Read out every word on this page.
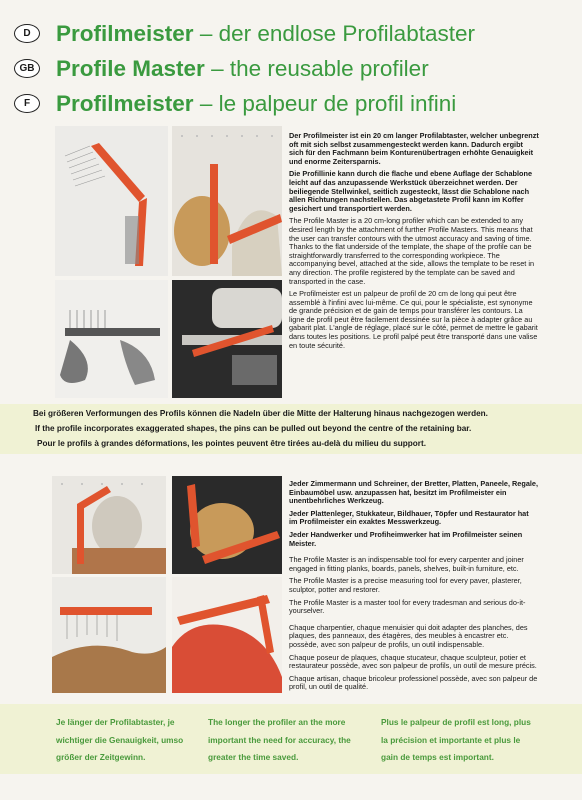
D	Profilmeister – der endlose Profilabtaster
GB Profile Master – the reusable profiler
F	Profilmeister – le palpeur de profil infini

Der Profilmeister ist ein 20 cm langer Profilabtaster, welcher unbegrenzt oft mit sich selbst zusammengesteckt werden kann. Dadurch ergibt sich für den Fachmann beim Konturenübertragen erhöhte Genauigkeit und enorme Zeitersparnis.

Die Profillinie kann durch die flache und ebene Auflage der Schablone leicht auf das anzupassende Werkstück überzeichnet werden. Der beiliegende Stellwinkel, seitlich zugesteckt, lässt die Schablone nach allen Richtungen nachstellen. Das abgetastete Profil kann im Koffer gesichert und transportiert werden.

The Profile Master is a 20 cm-long profiler which can be extended to any desired length by the attachment of further Profile Masters. This means that the user can transfer contours with the utmost accuracy and saving of time. Thanks to the flat underside of the template, the shape of the profile can be straightforwardly transferred to the corresponding workpiece. The accompanying bevel, attached at the side, allows the template to be reset in any direction. The profile registered by the template can be saved and transported in the case.

Le Profilmeister est un palpeur de profil de 20 cm de long qui peut être assemblé à l'infini avec lui-même. Ce qui, pour le spécialiste, est synonyme de grande précision et de gain de temps pour transférer les contours. La ligne de profil peut être facilement dessinée sur la pièce à adapter grâce au gabarit plat. L'angle de réglage, placé sur le côté, permet de mettre le gabarit dans toutes les positions. Le profil palpé peut être transporté dans une valise en toute sécurité.

Bei größeren Verformungen des Profils können die Nadeln über die Mitte der Halterung hinaus nachgezogen werden.
If the profile incorporates exaggerated shapes, the pins can be pulled out beyond the centre of the retaining bar.
Pour le profils à grandes déformations, les pointes peuvent être tirées au-delà du milieu du support.

Jeder Zimmermann und Schreiner, der Bretter, Platten, Paneele, Regale, Einbaumöbel usw. anzupassen hat, besitzt im Profilmeister ein unentbehrliches Werkzeug.

Jeder Plattenleger, Stukkateur, Bildhauer, Töpfer und Restaurator hat im Profilmeister ein exaktes Messwerkzeug.

Jeder Handwerker und Profiheimwerker hat im Profilmeister seinen Meister.

The Profile Master is an indispensable tool for every carpenter and joiner engaged in fitting planks, boards, panels, shelves, built-in furniture, etc.

The Profile Master is a precise measuring tool for every paver, plasterer, sculptor, potter and restorer.

The Profile Master is a master tool for every tradesman and serious do-it-yourselver.

Chaque charpentier, chaque menuisier qui doit adapter des planches, des plaques, des panneaux, des étagères, des meubles à encastrer etc. possède, avec son palpeur de profils, un outil indispensable.

Chaque poseur de plaques, chaque stucateur, chaque sculpteur, potier et restaurateur possède, avec son palpeur de profils, un outil de mesure précis.

Chaque artisan, chaque bricoleur professionel possède, avec son palpeur de profil, un outil de qualité.

Je länger der Profilabtaster, je wichtiger die Genauigkeit, umso größer der Zeitgewinn.
The longer the profiler an the more important the need for accuracy, the greater the time saved.
Plus le palpeur de profil est long, plus la précision et importante et plus le gain de temps est important.
